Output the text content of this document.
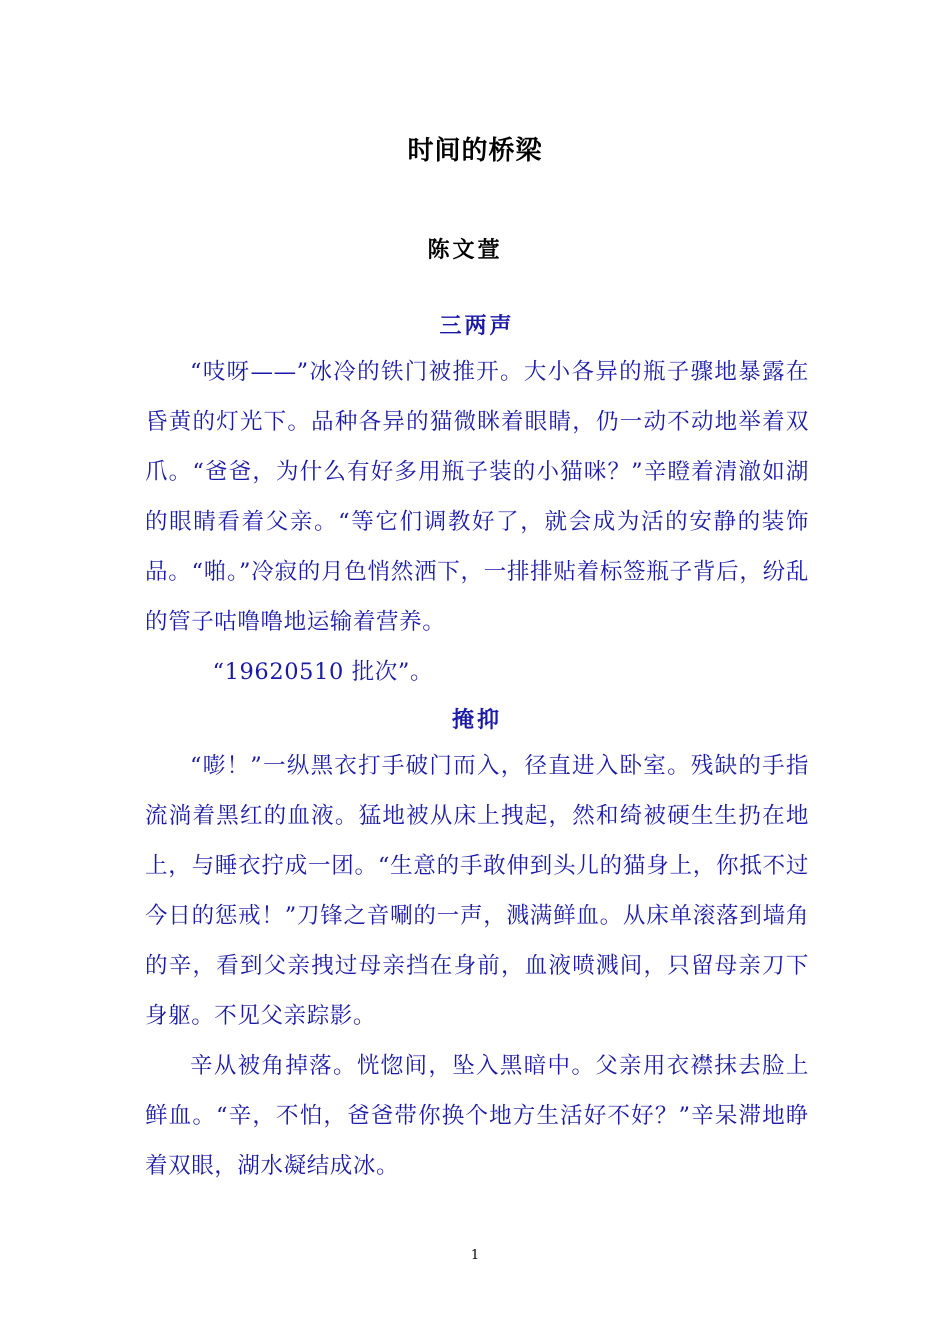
时间的桥梁
陈文萱
三两声

“吱呀——”冰冷的铁门被推开。大小各异的瓶子骤地暴露在昏黄的灯光下。品种各异的猫微眯着眼睛，仍一动不动地举着双爪。“爸爸，为什么有好多用瓶子装的小猫咪？”辛瞪着清澈如湖的眼睛看着父亲。“等它们调教好了，就会成为活的安静的装饰品。“啪。”冷寂的月色悄然洒下，一排排贴着标签瓶子背后，纷乱的管子咕噜噜地运输着营养。

“19620510 批次”。

掩抑

“嘭！”一纵黑衣打手破门而入，径直进入卧室。残缺的手指流淌着黑红的血液。猛地被从床上拽起，然和绮被硬生生扔在地上，与睡衣拧成一团。“生意的手敢伸到头儿的猫身上，你抵不过今日的惩戒！”刀锋之音唰的一声，溅满鲜血。从床单滚落到墙角的辛，看到父亲拽过母亲挡在身前，血液喷溅间，只留母亲刀下身躯。不见父亲踪影。

辛从被角掉落。恍惚间，坠入黑暗中。父亲用衣襟抹去脸上鲜血。“辛，不怕，爸爸带你换个地方生活好不好？”辛呆滞地睁着双眼，湖水凝结成冰。

1
